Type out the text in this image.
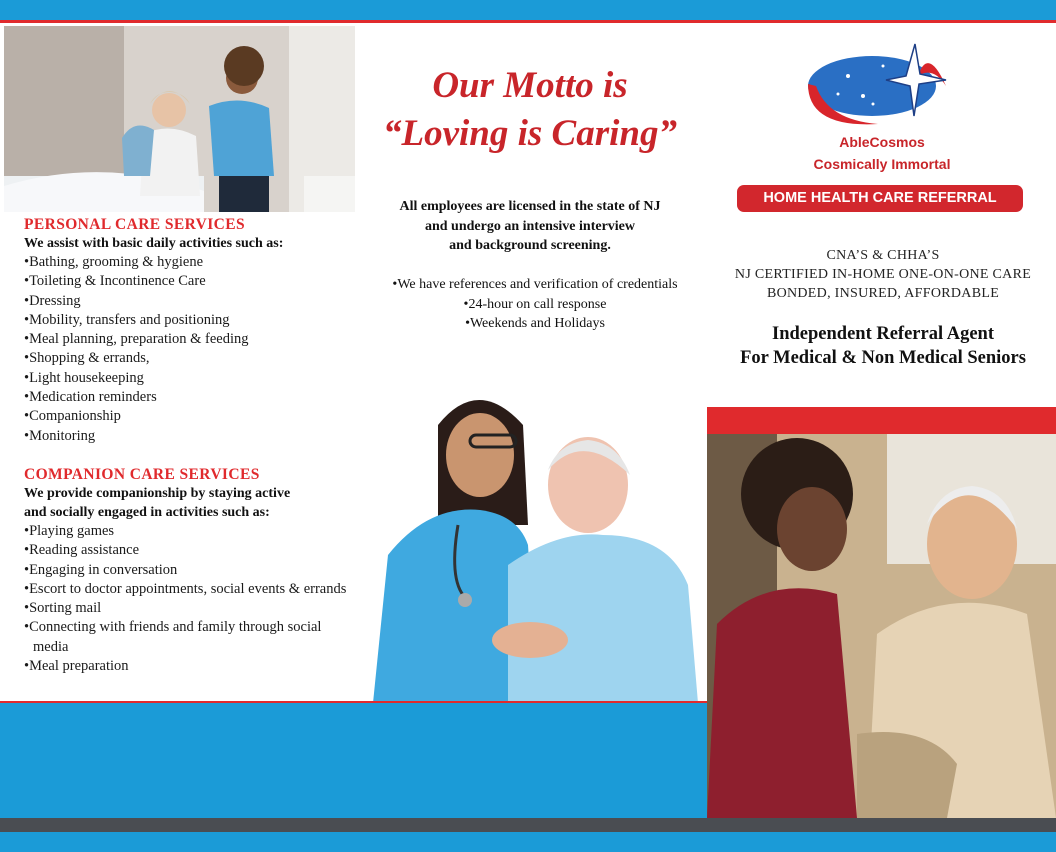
PERSONAL CARE SERVICES
We assist with basic daily activities such as:
• Bathing, grooming & hygiene
• Toileting & Incontinence Care
• Dressing
• Mobility, transfers and positioning
• Meal planning, preparation & feeding
• Shopping & errands,
• Light housekeeping
• Medication reminders
• Companionship
• Monitoring
COMPANION CARE SERVICES
We provide companionship by staying active
and socially engaged in activities such as:
• Playing games
• Reading assistance
• Engaging in conversation
• Escort to doctor appointments, social events & errands
• Sorting mail
• Connecting with friends and family through social media
• Meal preparation
Our Motto is
“Loving is Caring”
All employees are licensed in the state of NJ
and undergo an intensive interview
and background screening.
• We have references and verification of credentials
• 24-hour on call response
• Weekends and Holidays
AbleCosmos
Cosmically Immortal
HOME HEALTH CARE REFERRAL GROUP
CNA’S & CHHA’S
NJ CERTIFIED IN-HOME ONE-ON-ONE CARE
BONDED, INSURED, AFFORDABLE
Independent Referral Agent
For Medical & Non Medical Seniors
